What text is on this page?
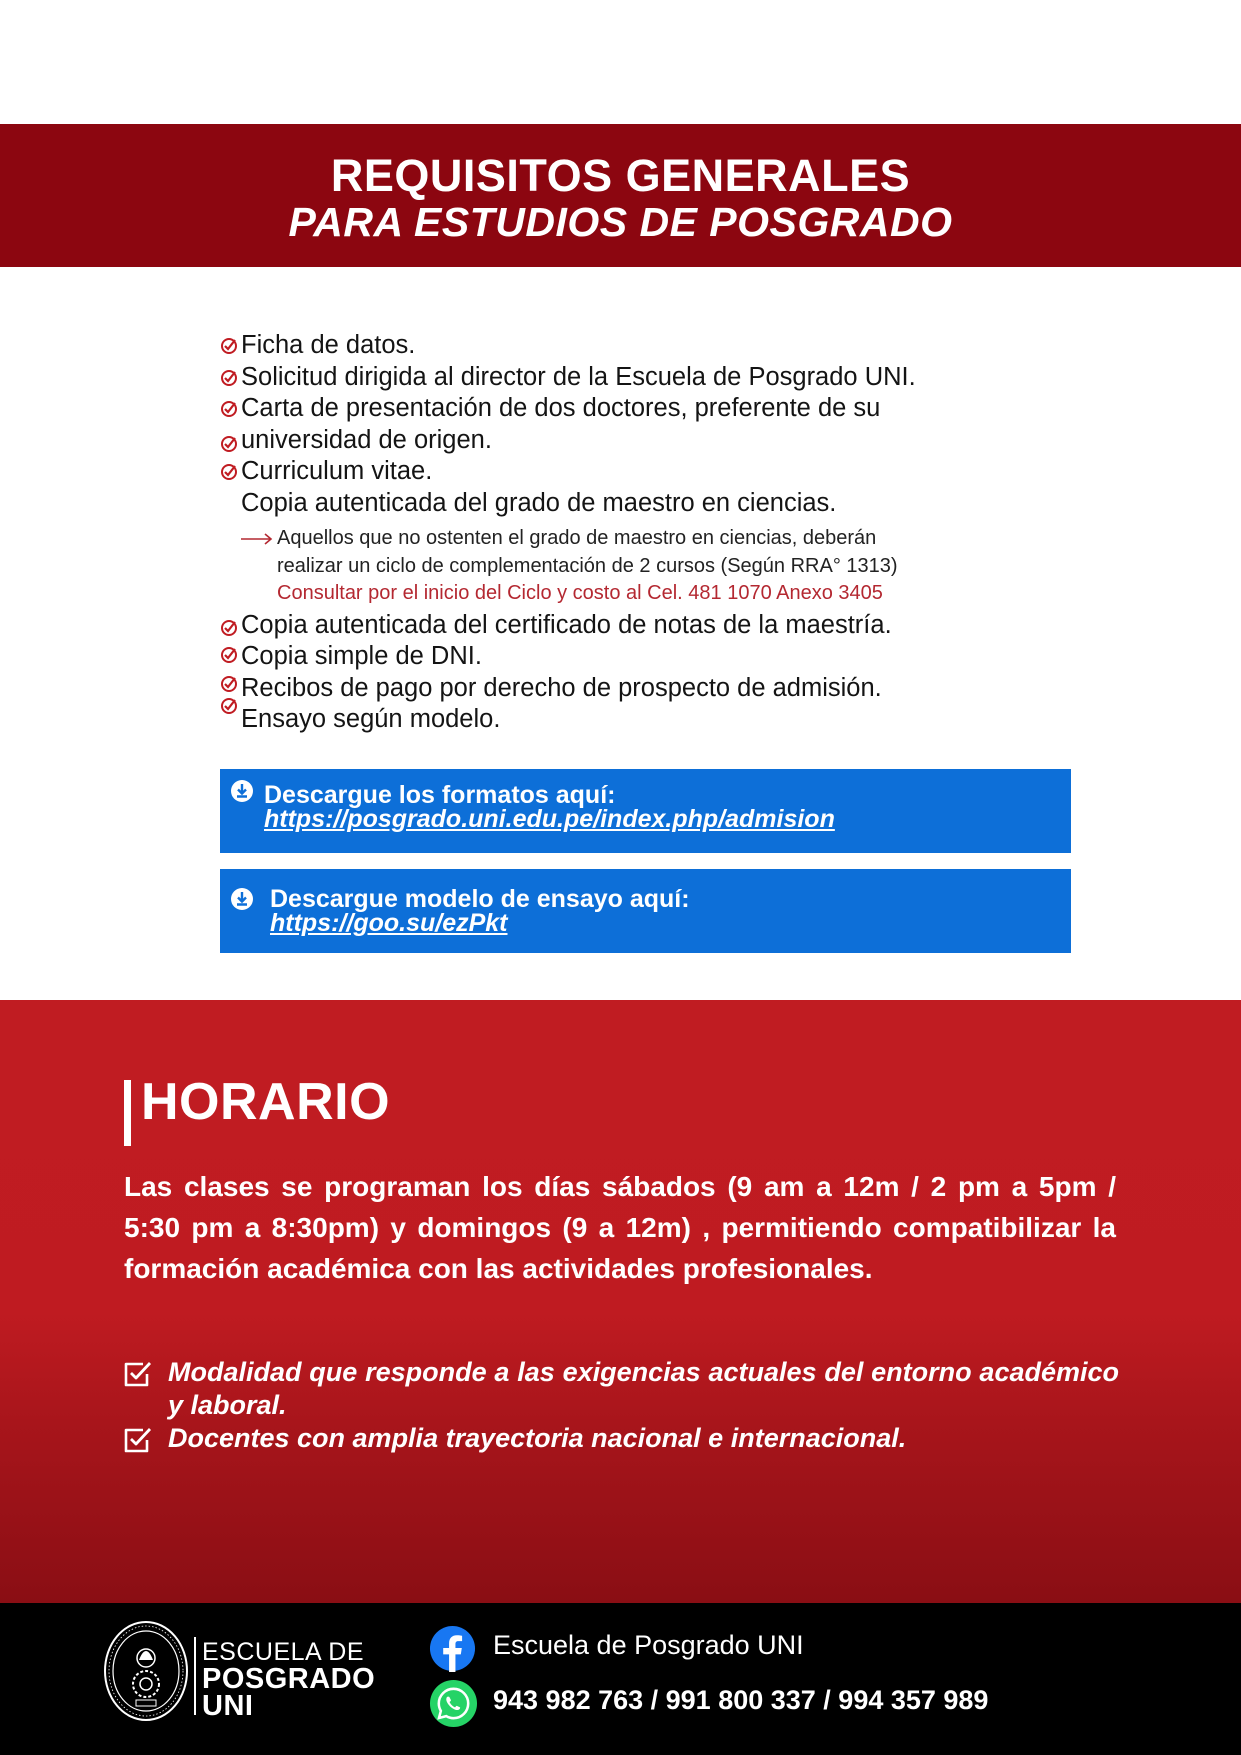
REQUISITOS GENERALES
PARA ESTUDIOS DE POSGRADO
Ficha de datos.
Solicitud dirigida al director de la Escuela de Posgrado UNI.
Carta de presentación de dos doctores, preferente de su
universidad de origen.
Curriculum vitae.
Copia autenticada del grado de maestro en ciencias.
Aquellos que no ostenten el grado de maestro en ciencias, deberán
realizar un ciclo de complementación de 2 cursos (Según RRA° 1313)
Consultar por el inicio del Ciclo y costo al Cel. 481 1070 Anexo 3405
Copia autenticada del certificado de notas de la maestría.
Copia simple de DNI.
Recibos de pago por derecho de prospecto de admisión.
Ensayo según modelo.
Descargue los formatos aquí:
https://posgrado.uni.edu.pe/index.php/admision
Descargue modelo de ensayo aquí:
https://goo.su/ezPkt
HORARIO
Las clases se programan los días sábados (9 am a 12m / 2 pm a 5pm / 5:30 pm a 8:30pm) y domingos (9 a 12m) , permitiendo compatibilizar la formación académica con las actividades profesionales.
Modalidad que responde a las exigencias actuales del entorno académico y laboral.
Docentes con amplia trayectoria nacional e internacional.
ESCUELA DE
POSGRADO
UNI
Escuela de Posgrado UNI
943 982 763 / 991 800 337 / 994 357 989
